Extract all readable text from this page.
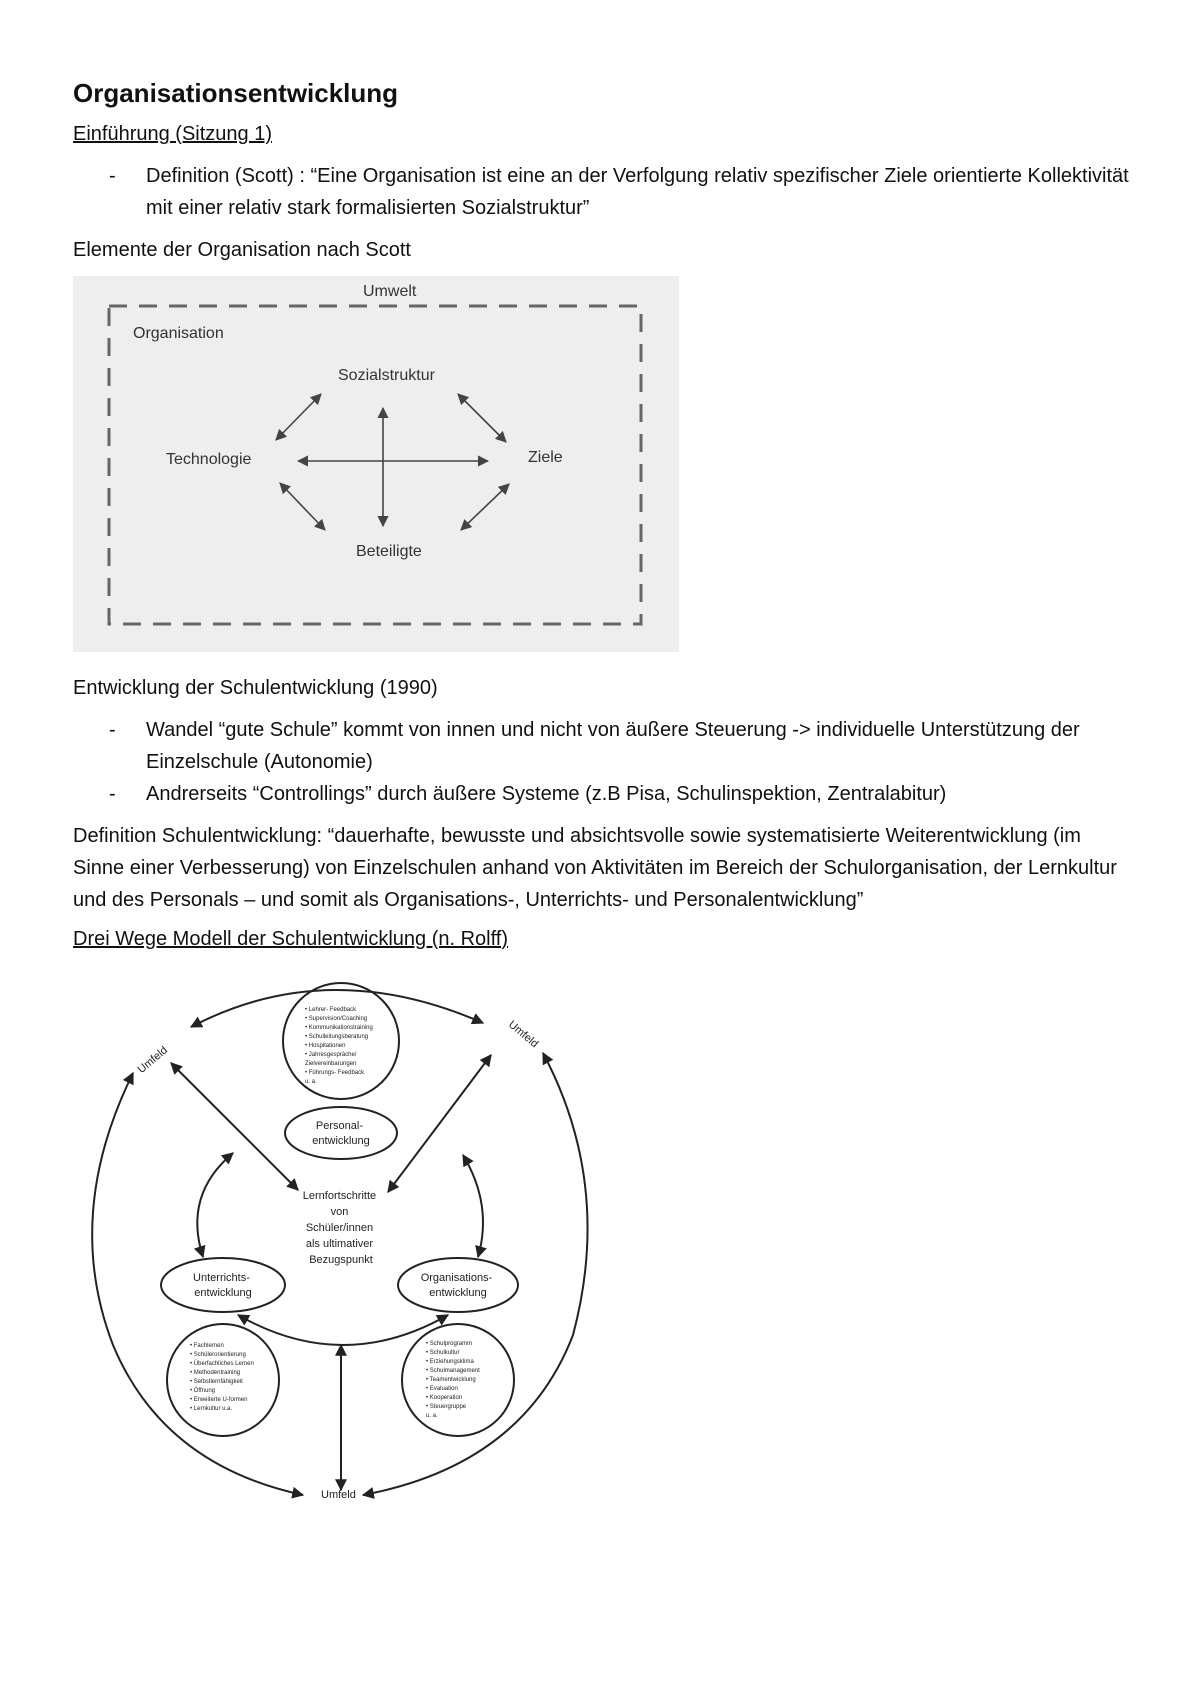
Organisationsentwicklung
Einführung (Sitzung 1)
- Definition (Scott) : “Eine Organisation ist eine an der Verfolgung relativ spezifischer Ziele orientierte Kollektivität mit einer relativ stark formalisierten Sozialstruktur”

Elemente der Organisation nach Scott

Umwelt
Organisation
Sozialstruktur
Technologie	Ziele
Beteiligte

Entwicklung der Schulentwicklung (1990)

- Wandel “gute Schule” kommt von innen und nicht von äußere Steuerung -> individuelle Unterstützung der Einzelschule (Autonomie)
- Andrerseits “Controllings” durch äußere Systeme (z.B Pisa, Schulinspektion, Zentralabitur)

Definition Schulentwicklung: “dauerhafte, bewusste und absichtsvolle sowie systematisierte Weiterentwicklung (im Sinne einer Verbesserung) von Einzelschulen anhand von Aktivitäten im Bereich der Schulorganisation, der Lernkultur und des Personals – und somit als Organisations-, Unterrichts- und Personalentwicklung”

Drei Wege Modell der Schulentwicklung (n. Rolff)
Umfeld
Umfeld
Umfeld
Personal- entwicklung
Unterrichts- entwicklung
Organisations- entwicklung
Lernfortschritte von Schüler/innen als ultimativer Bezugspunkt
• Lehrer- Feedback • Supervision/Coaching • Kommunikationstraining • Schulleitungsberatung • Hospitationen • Jahresgespräche/ Zielvereinbarungen • Führungs- Feedback u. a.
• Fachlernen • Schülerorientierung • Überfachliches Lernen • Methodentraining • Selbstlernfähigkeit • Öffnung • Erweiterte U-formen • Lernkultur u.a.
• Schulprogramm • Schulkultur • Erziehungsklima • Schulmanagement • Teamentwicklung • Evaluation • Kooperation • Steuergruppe u. a.
